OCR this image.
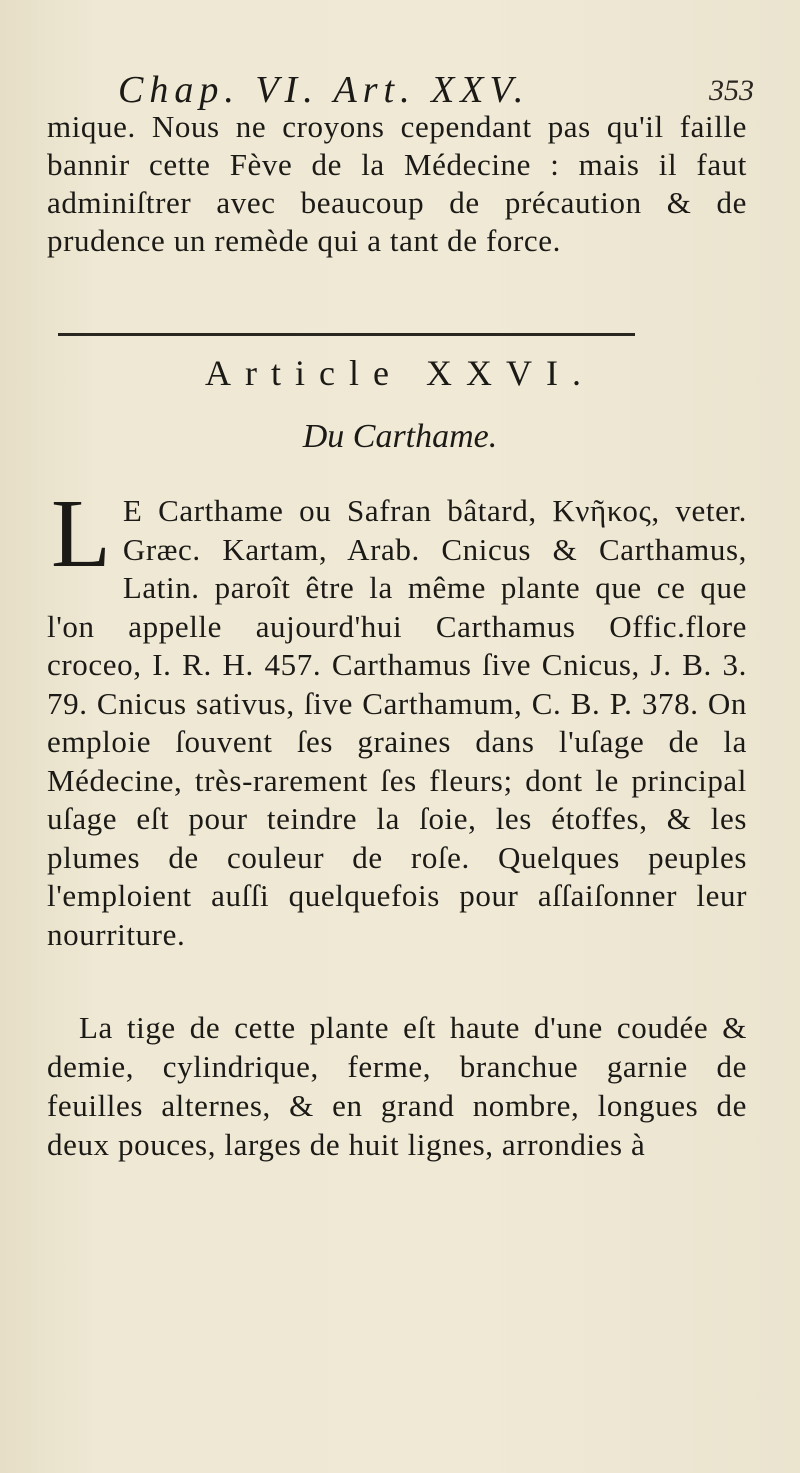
Chap. VI. Art. XXV.	353

mique. Nous ne croyons cependant pas qu'il faille bannir cette Fève de la Médecine : mais il faut adminiſtrer avec beaucoup de précaution & de prudence un remède qui a tant de force.

Article XXVI.
Du Carthame.
L E Carthame ou Safran bâtard, Κνῆκος, veter. Græc. Kartam, Arab. Cnicus & Carthamus, Latin. paroît être la même plante que ce que l'on appelle aujourd'hui Carthamus Offic.flore croceo, I. R. H. 457. Carthamus ſive Cnicus, J. B. 3. 79. Cnicus sativus, ſive Carthamum, C. B. P. 378. On emploie ſouvent ſes graines dans l'uſage de la Médecine, très-rarement ſes fleurs; dont le principal uſage eſt pour teindre la ſoie, les étoffes, & les plumes de couleur de roſe. Quelques peuples l'emploient auſſi quelquefois pour aſſaiſonner leur nourriture.

La tige de cette plante eſt haute d'une coudée & demie, cylindrique, ferme, branchue garnie de feuilles alternes, & en grand nombre, longues de deux pouces, larges de huit lignes, arrondies à
